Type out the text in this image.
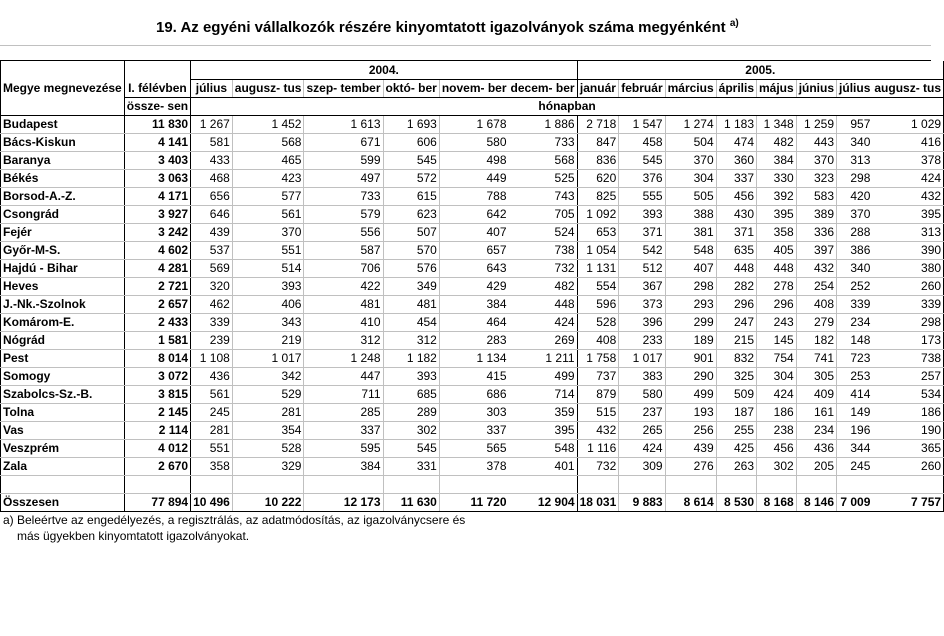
19. Az egyéni vállalkozók részére kinyomtatott igazolványok száma megyénként $^{a)}$
		2004.						2005.							
Megye megnevezése	I. félévben	július	augusz- tus	szep- tember	októ- ber	novem- ber	decem- ber	január	február	március	április	május	június	július	augusz- tus
	össze- sen	hónapban													
Budapest	11 830	1 267	1 452	1 613	1 693	1 678	1 886	2 718	1 547	1 274	1 183	1 348	1 259	957	1 029
Bács-Kiskun	4 141	581	568	671	606	580	733	847	458	504	474	482	443	340	416
Baranya	3 403	433	465	599	545	498	568	836	545	370	360	384	370	313	378
Békés	3 063	468	423	497	572	449	525	620	376	304	337	330	323	298	424
Borsod-A.-Z.	4 171	656	577	733	615	788	743	825	555	505	456	392	583	420	432
Csongrád	3 927	646	561	579	623	642	705	1 092	393	388	430	395	389	370	395
Fejér	3 242	439	370	556	507	407	524	653	371	381	371	358	336	288	313
Győr-M-S.	4 602	537	551	587	570	657	738	1 054	542	548	635	405	397	386	390
Hajdú - Bihar	4 281	569	514	706	576	643	732	1 131	512	407	448	448	432	340	380
Heves	2 721	320	393	422	349	429	482	554	367	298	282	278	254	252	260
J.-Nk.-Szolnok	2 657	462	406	481	481	384	448	596	373	293	296	296	408	339	339
Komárom-E.	2 433	339	343	410	454	464	424	528	396	299	247	243	279	234	298
Nógrád	1 581	239	219	312	312	283	269	408	233	189	215	145	182	148	173
Pest	8 014	1 108	1 017	1 248	1 182	1 134	1 211	1 758	1 017	901	832	754	741	723	738
Somogy	3 072	436	342	447	393	415	499	737	383	290	325	304	305	253	257
Szabolcs-Sz.-B.	3 815	561	529	711	685	686	714	879	580	499	509	424	409	414	534
Tolna	2 145	245	281	285	289	303	359	515	237	193	187	186	161	149	186
Vas	2 114	281	354	337	302	337	395	432	265	256	255	238	234	196	190
Veszprém	4 012	551	528	595	545	565	548	1 116	424	439	425	456	436	344	365
Zala	2 670	358	329	384	331	378	401	732	309	276	263	302	205	245	260

Összesen	77 894	10 496	10 222	12 173	11 630	11 720	12 904	18 031	9 883	8 614	8 530	8 168	8 146	7 009	7 757
a) Beleértve az engedélyezés, a regisztrálás, az adatmódosítás, az igazolványcsere és
más ügyekben kinyomtatott igazolványokat.
